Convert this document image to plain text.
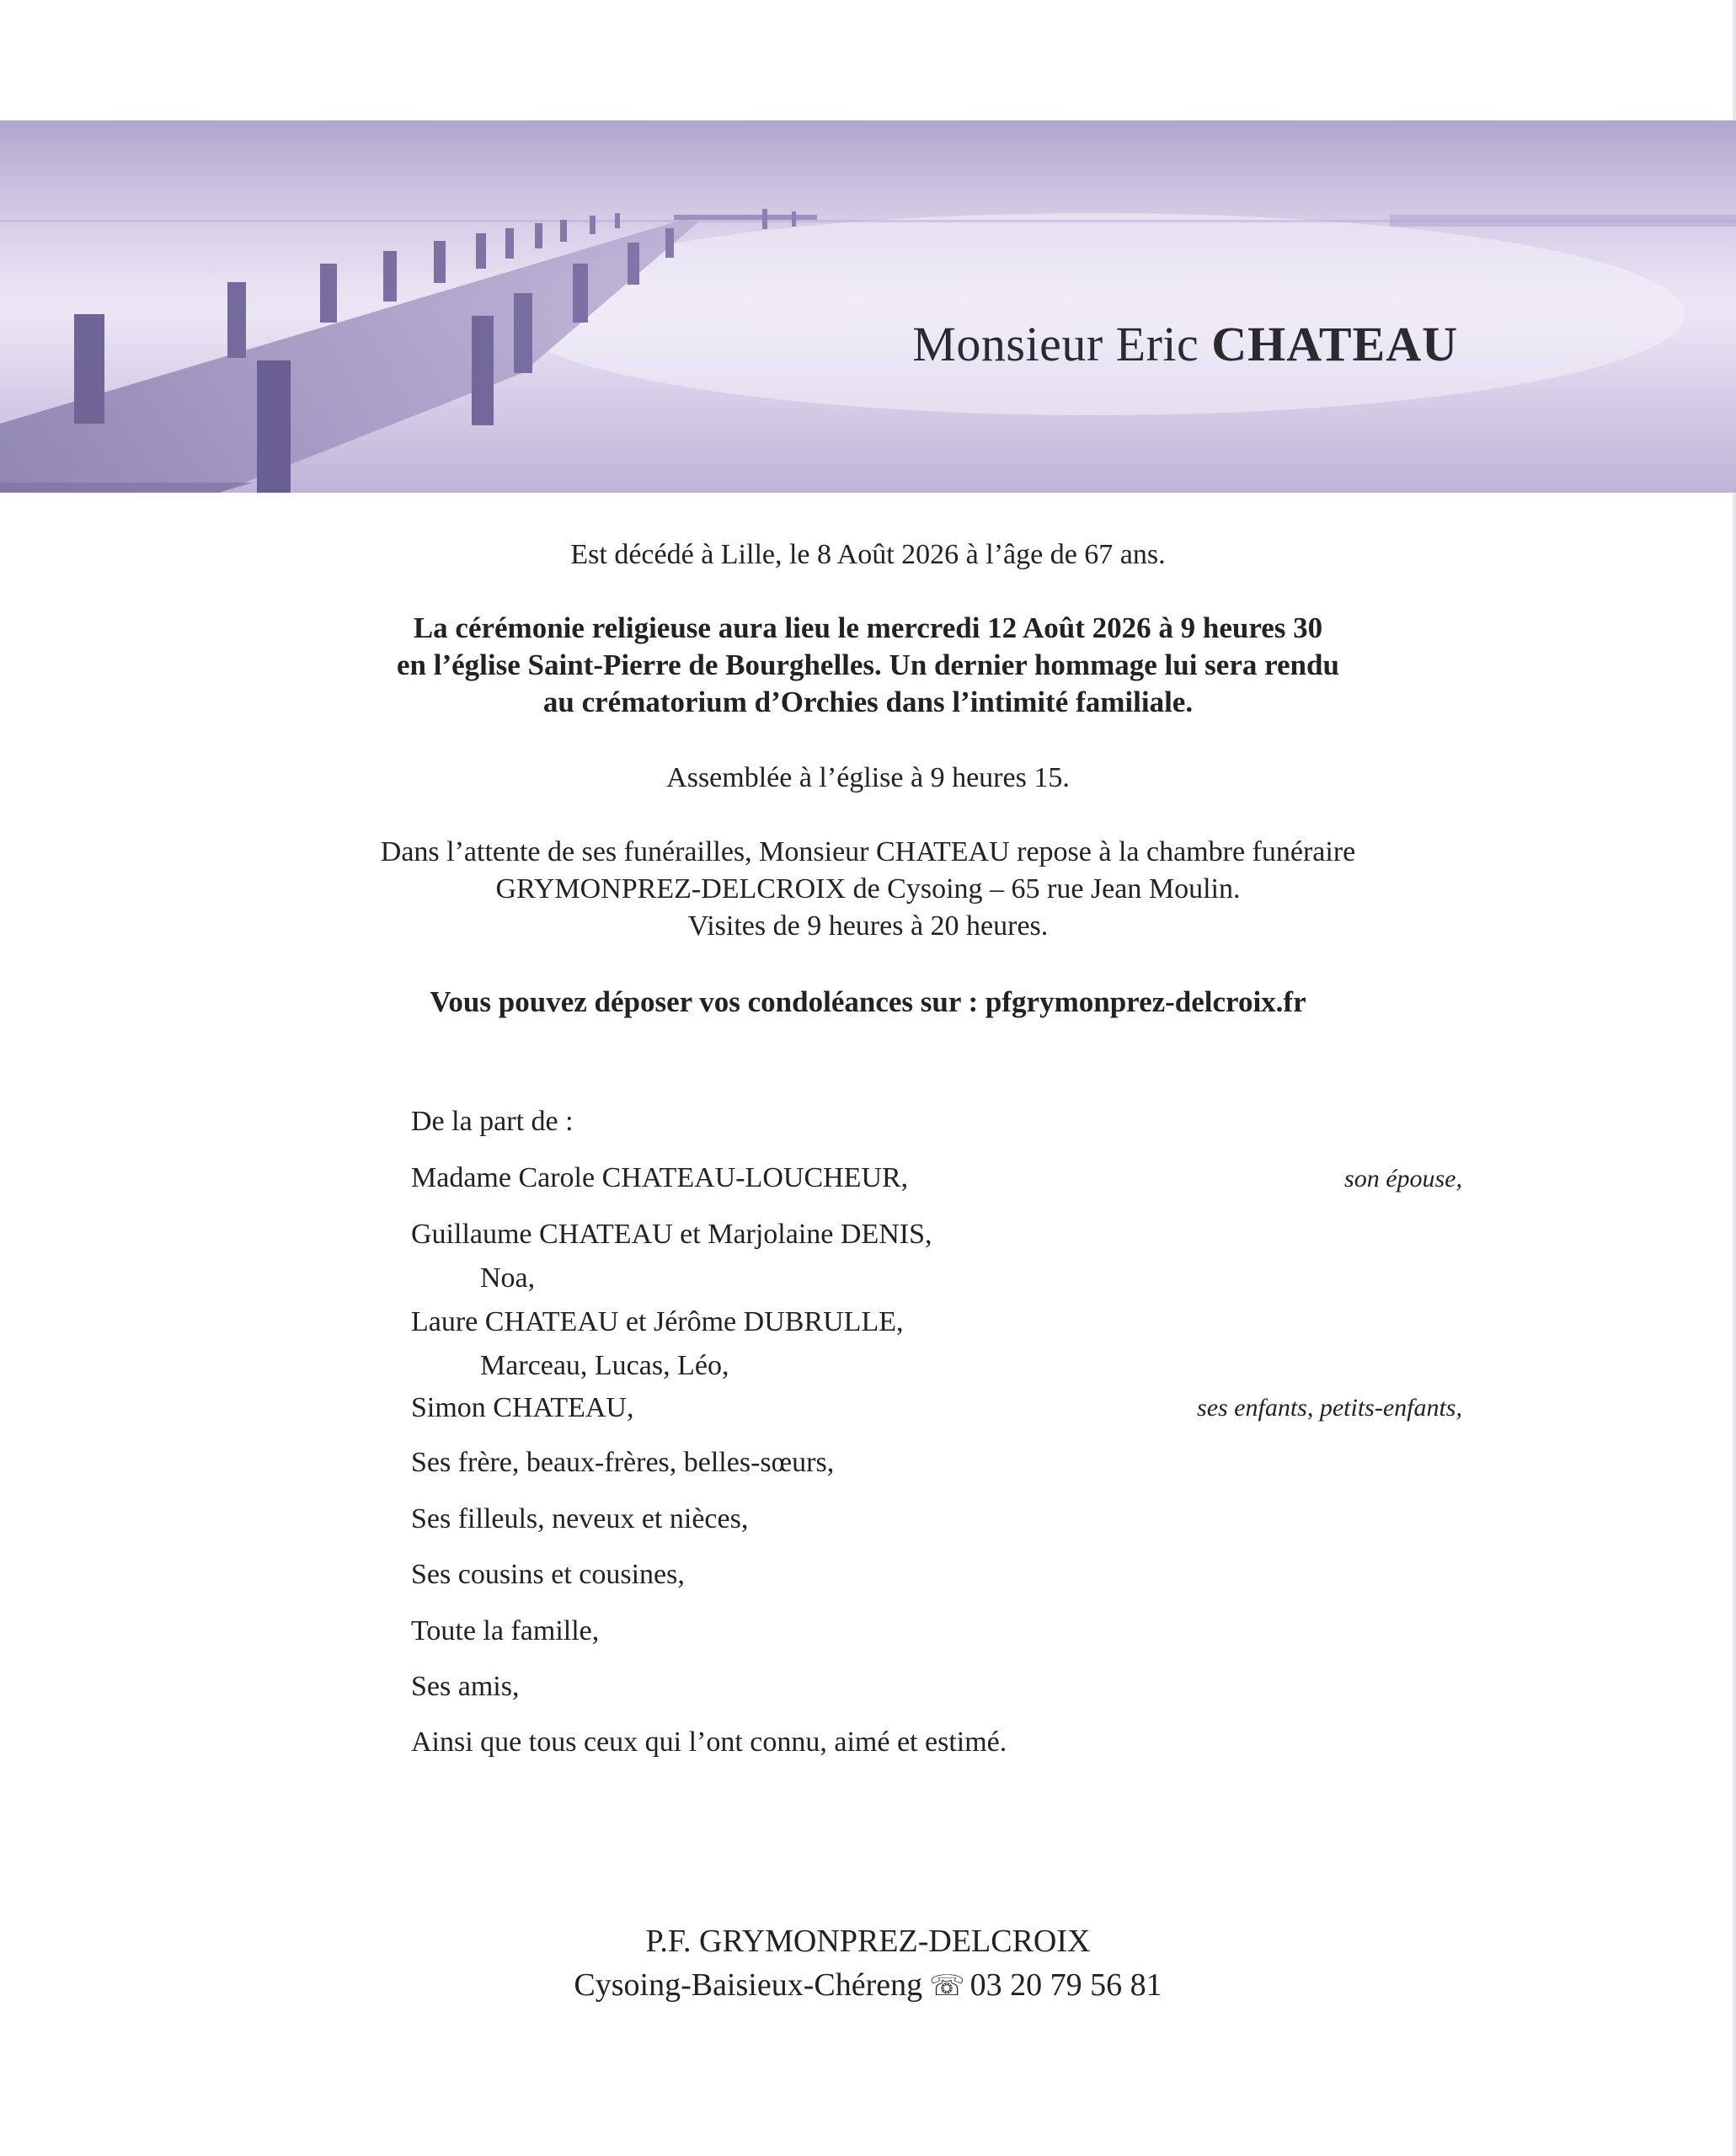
Monsieur Eric CHATEAU
Est décédé à Lille, le 8 Août 2026 à l’âge de 67 ans.
La cérémonie religieuse aura lieu le mercredi 12 Août 2026 à 9 heures 30
en l’église Saint-Pierre de Bourghelles. Un dernier hommage lui sera rendu
au crématorium d’Orchies dans l’intimité familiale.
Assemblée à l’église à 9 heures 15.
Dans l’attente de ses funérailles, Monsieur CHATEAU repose à la chambre funéraire
GRYMONPREZ-DELCROIX de Cysoing – 65 rue Jean Moulin.
Visites de 9 heures à 20 heures.
Vous pouvez déposer vos condoléances sur : pfgrymonprez-delcroix.fr
De la part de :
Madame Carole CHATEAU-LOUCHEUR,	son épouse,
Guillaume CHATEAU et Marjolaine DENIS,
Noa,
Laure CHATEAU et Jérôme DUBRULLE,
Marceau, Lucas, Léo,
Simon CHATEAU,	ses enfants, petits-enfants,
Ses frère, beaux-frères, belles-sœurs,
Ses filleuls, neveux et nièces,
Ses cousins et cousines,
Toute la famille,
Ses amis,
Ainsi que tous ceux qui l’ont connu, aimé et estimé.
P.F. GRYMONPREZ-DELCROIX
Cysoing-Baisieux-Chéreng ☏ 03 20 79 56 81
